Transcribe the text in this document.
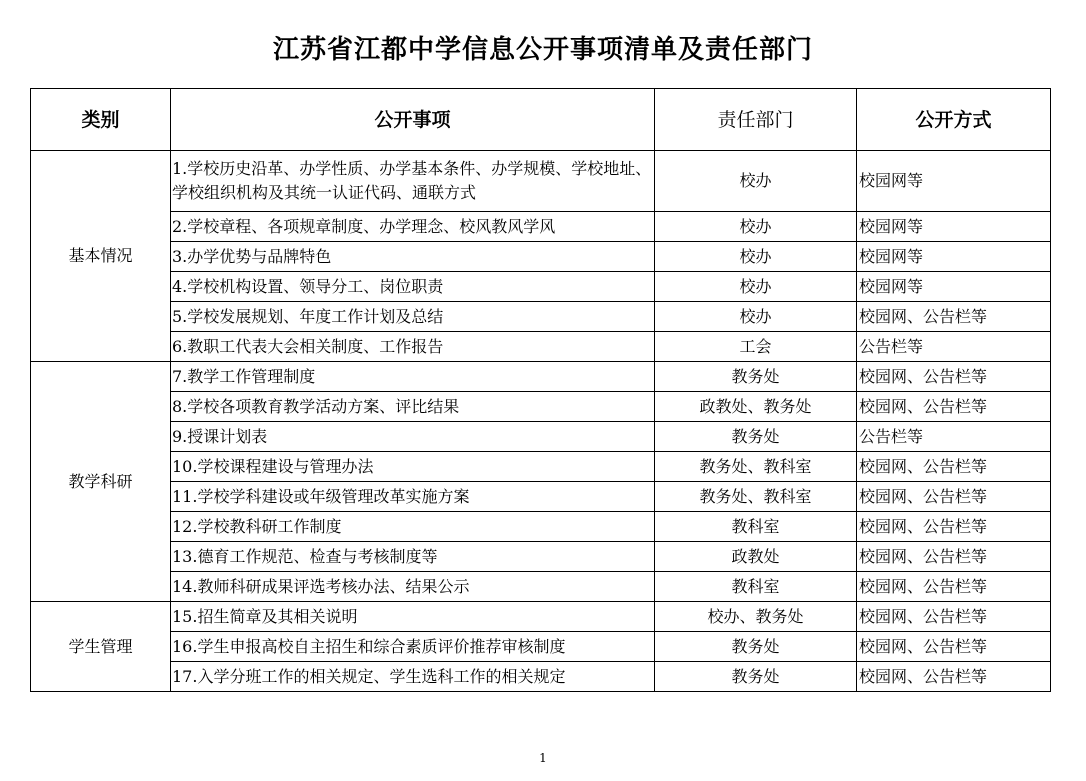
江苏省江都中学信息公开事项清单及责任部门
类别	公开事项	责任部门	公开方式
基本情况	1.学校历史沿革、办学性质、办学基本条件、办学规模、学校地址、学校组织机构及其统一认证代码、通联方式	校办	校园网等
	2.学校章程、各项规章制度、办学理念、校风教风学风	校办	校园网等
	3.办学优势与品牌特色	校办	校园网等
	4.学校机构设置、领导分工、岗位职责	校办	校园网等
	5.学校发展规划、年度工作计划及总结	校办	校园网、公告栏等
	6.教职工代表大会相关制度、工作报告	工会	公告栏等
教学科研	7.教学工作管理制度	教务处	校园网、公告栏等
	8.学校各项教育教学活动方案、评比结果	政教处、教务处	校园网、公告栏等
	9.授课计划表	教务处	公告栏等
	10.学校课程建设与管理办法	教务处、教科室	校园网、公告栏等
	11.学校学科建设或年级管理改革实施方案	教务处、教科室	校园网、公告栏等
	12.学校教科研工作制度	教科室	校园网、公告栏等
	13.德育工作规范、检查与考核制度等	政教处	校园网、公告栏等
	14.教师科研成果评选考核办法、结果公示	教科室	校园网、公告栏等
学生管理	15.招生简章及其相关说明	校办、教务处	校园网、公告栏等
	16.学生申报高校自主招生和综合素质评价推荐审核制度	教务处	校园网、公告栏等
	17.入学分班工作的相关规定、学生选科工作的相关规定	教务处	校园网、公告栏等
1
